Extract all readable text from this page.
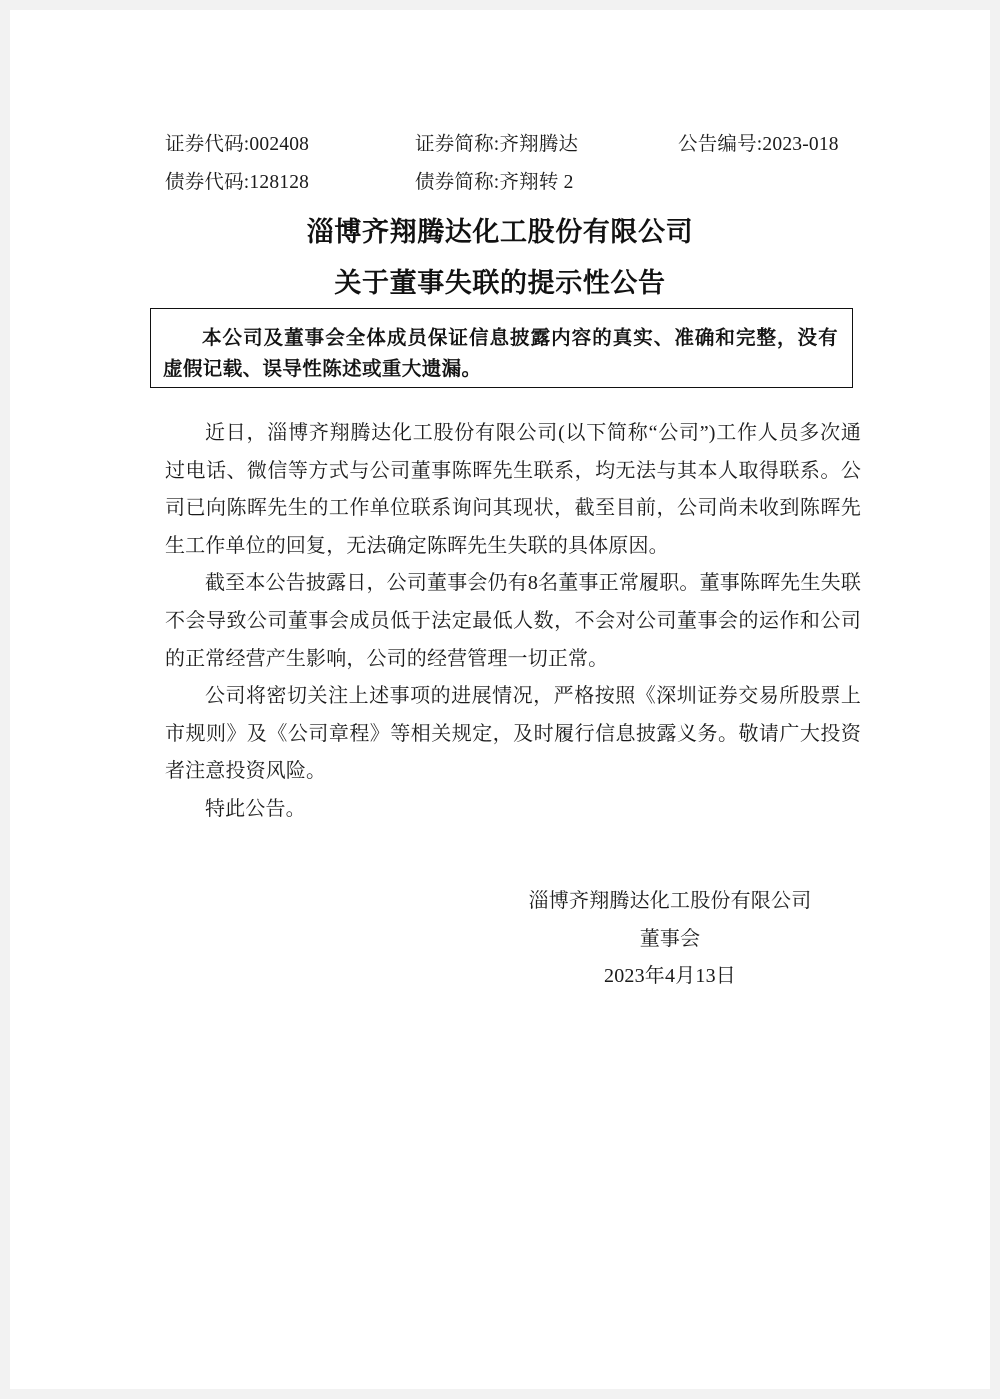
证券代码:002408	证券简称:齐翔腾达	公告编号:2023-018
债券代码:128128	债券简称:齐翔转 2
淄博齐翔腾达化工股份有限公司
关于董事失联的提示性公告
本公司及董事会全体成员保证信息披露内容的真实、准确和完整，没有虚假记载、误导性陈述或重大遗漏。

近日，淄博齐翔腾达化工股份有限公司(以下简称“公司”)工作人员多次通过电话、微信等方式与公司董事陈晖先生联系，均无法与其本人取得联系。公司已向陈晖先生的工作单位联系询问其现状，截至目前，公司尚未收到陈晖先生工作单位的回复，无法确定陈晖先生失联的具体原因。

截至本公告披露日，公司董事会仍有8名董事正常履职。董事陈晖先生失联不会导致公司董事会成员低于法定最低人数，不会对公司董事会的运作和公司的正常经营产生影响，公司的经营管理一切正常。

公司将密切关注上述事项的进展情况，严格按照《深圳证券交易所股票上市规则》及《公司章程》等相关规定，及时履行信息披露义务。敬请广大投资者注意投资风险。

特此公告。

淄博齐翔腾达化工股份有限公司
董事会
2023年4月13日
